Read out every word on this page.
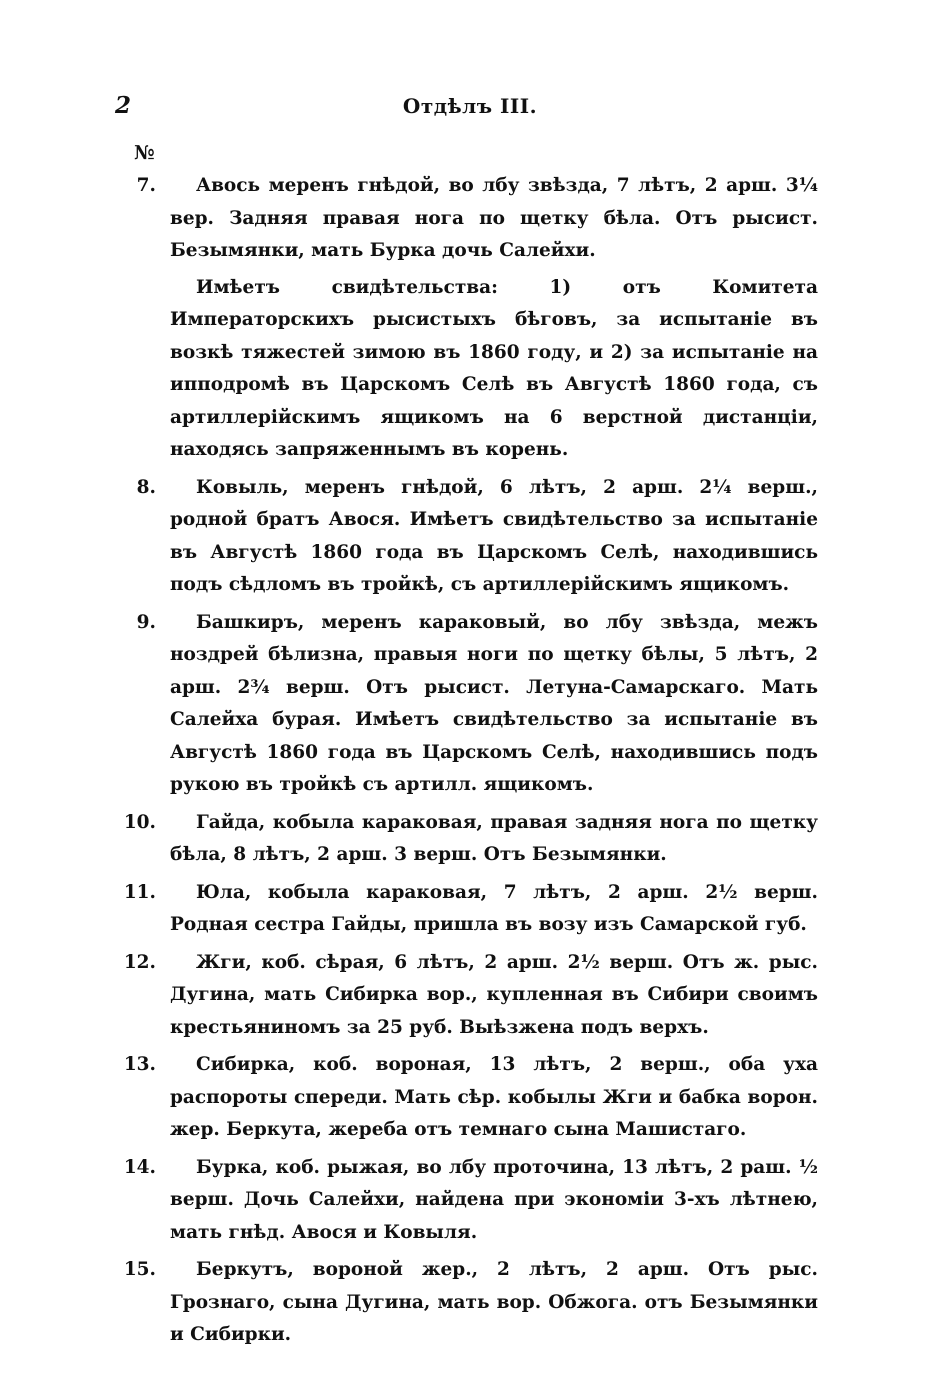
2	Отдѣлъ III.
№
7.	Авось меренъ гнѣдой, во лбу звѣзда, 7 лѣтъ, 2 арш. 3¼ вер. Задняя правая нога по щетку бѣла. Отъ рысист. Безымянки, мать Бурка дочь Салейхи.

Имѣетъ свидѣтельства: 1) отъ Комитета Императорскихъ рысистыхъ бѣговъ, за испытаніе въ возкѣ тяжестей зимою въ 1860 году, и 2) за испытаніе на ипподромѣ въ Царскомъ Селѣ въ Августѣ 1860 года, съ артиллерійскимъ ящикомъ на 6 верстной дистанціи, находясь запряженнымъ въ корень.

8.	Ковыль, меренъ гнѣдой, 6 лѣтъ, 2 арш. 2¼ верш., родной братъ Авося. Имѣетъ свидѣтельство за испытаніе въ Августѣ 1860 года въ Царскомъ Селѣ, находившись подъ сѣдломъ въ тройкѣ, съ артиллерійскимъ ящикомъ.

9.	Башкиръ, меренъ караковый, во лбу звѣзда, межъ ноздрей бѣлизна, правыя ноги по щетку бѣлы, 5 лѣтъ, 2 арш. 2¾ верш. Отъ рысист. Летуна-Самарскаго. Мать Салейха бурая. Имѣетъ свидѣтельство за испытаніе въ Августѣ 1860 года въ Царскомъ Селѣ, находившись подъ рукою въ тройкѣ съ артилл. ящикомъ.

10.	Гайда, кобыла караковая, правая задняя нога по щетку бѣла, 8 лѣтъ, 2 арш. 3 верш. Отъ Безымянки.

11.	Юла, кобыла караковая, 7 лѣтъ, 2 арш. 2½ верш. Родная сестра Гайды, пришла въ возу изъ Самарской губ.

12.	Жги, коб. сѣрая, 6 лѣтъ, 2 арш. 2½ верш. Отъ ж. рыс. Дугина, мать Сибирка вор., купленная въ Сибири своимъ крестьяниномъ за 25 руб. Выѣзжена подъ верхъ.

13.	Сибирка, коб. вороная, 13 лѣтъ, 2 верш., оба уха распороты спереди. Мать сѣр. кобылы Жги и бабка ворон. жер. Беркута, жереба отъ темнаго сына Машистаго.

14.	Бурка, коб. рыжая, во лбу проточина, 13 лѣтъ, 2 раш. ½ верш. Дочь Салейхи, найдена при экономіи 3-хъ лѣтнею, мать гнѣд. Авося и Ковыля.

15.	Беркутъ, вороной жер., 2 лѣтъ, 2 арш. Отъ рыс. Грознаго, сына Дугина, мать вор. Обжога. отъ Безымянки и Сибирки.
